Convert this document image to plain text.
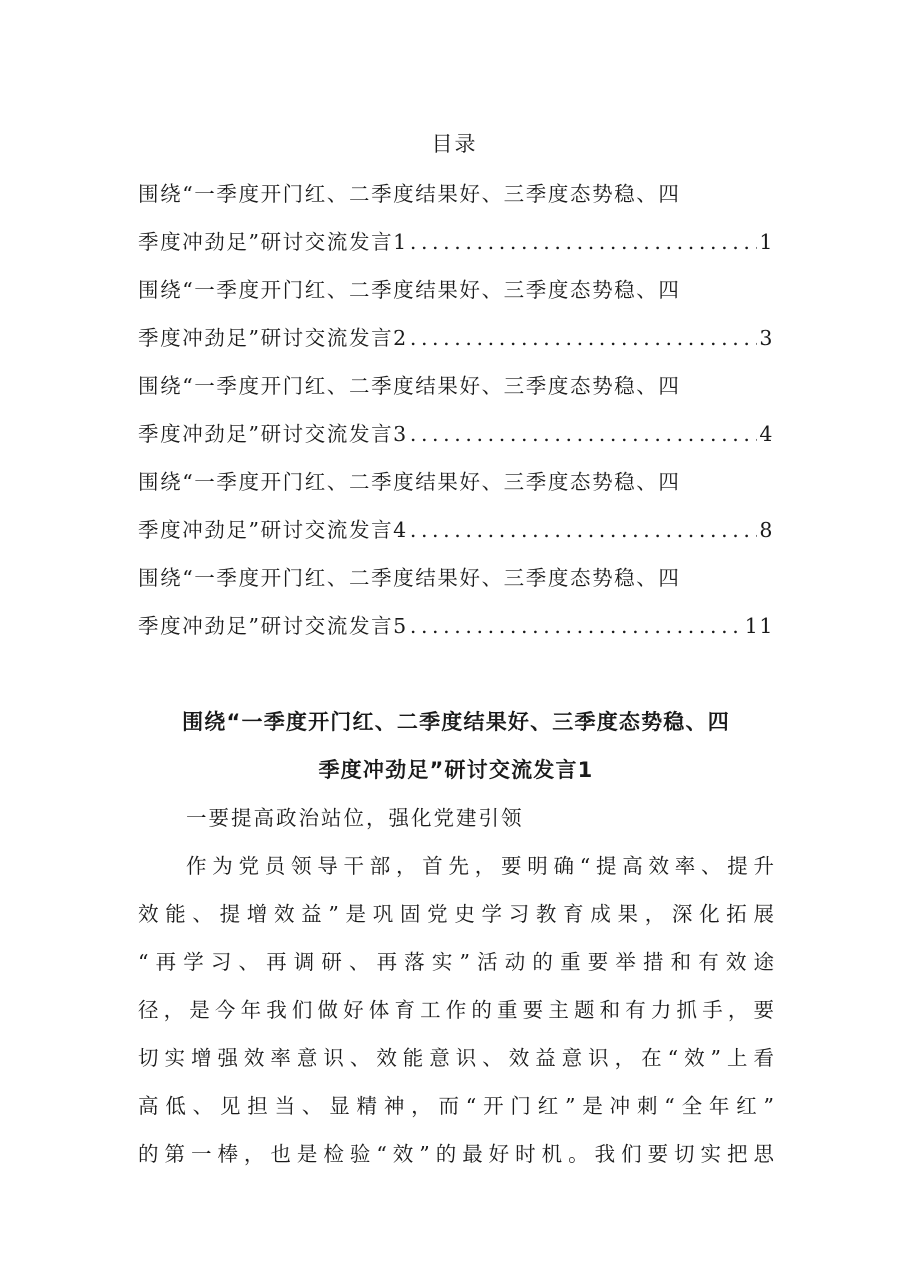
目录
围绕“一季度开门红、二季度结果好、三季度态势稳、四
季度冲劲足”研讨交流发言1 .....	1
围绕“一季度开门红、二季度结果好、三季度态势稳、四
季度冲劲足”研讨交流发言2 .....	3
围绕“一季度开门红、二季度结果好、三季度态势稳、四
季度冲劲足”研讨交流发言3 .....	4
围绕“一季度开门红、二季度结果好、三季度态势稳、四
季度冲劲足”研讨交流发言4 .....	8
围绕“一季度开门红、二季度结果好、三季度态势稳、四
季度冲劲足”研讨交流发言5 .....	11
围绕“一季度开门红、二季度结果好、三季度态势稳、四
季度冲劲足”研讨交流发言1
一要提高政治站位，强化党建引领
作为党员领导干部，首先，要明确“提高效率、提升
效能、提增效益”是巩固党史学习教育成果，深化拓展
“再学习、再调研、再落实”活动的重要举措和有效途
径，是今年我们做好体育工作的重要主题和有力抓手，要
切实增强效率意识、效能意识、效益意识，在“效”上看
高低、见担当、显精神，而“开门红”是冲刺“全年红”
的第一棒，也是检验“效”的最好时机。我们要切实把思
